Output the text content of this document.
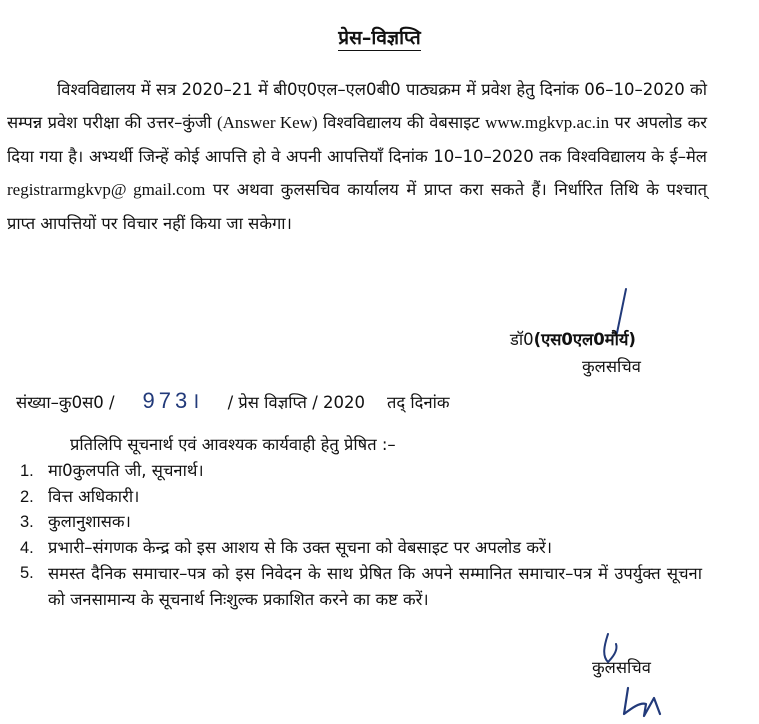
प्रेस–विज्ञप्ति
विश्वविद्यालय में सत्र 2020–21 में बी0ए0एल–एल0बी0 पाठ्यक्रम में प्रवेश हेतु दिनांक 06–10–2020 को सम्पन्न प्रवेश परीक्षा की उत्तर–कुंजी (Answer Kew) विश्वविद्यालय की वेबसाइट www.mgkvp.ac.in पर अपलोड कर दिया गया है। अभ्यर्थी जिन्हें कोई आपत्ति हो वे अपनी आपत्तियाँ दिनांक 10–10–2020 तक विश्वविद्यालय के ई–मेल registrarmgkvp@ gmail.com पर अथवा कुलसचिव कार्यालय में प्राप्त करा सकते हैं। निर्धारित तिथि के पश्चात् प्राप्त आपत्तियों पर विचार नहीं किया जा सकेगा।
डॉ0(एस0एल0मौर्य)
कुलसचिव
संख्या–कु0स0 / 973। / प्रेस विज्ञप्ति / 2020 तद् दिनांक
प्रतिलिपि सूचनार्थ एवं आवश्यक कार्यवाही हेतु प्रेषित :–
1. मा0कुलपति जी, सूचनार्थ।
2. वित्त अधिकारी।
3. कुलानुशासक।
4. प्रभारी–संगणक केन्द्र को इस आशय से कि उक्त सूचना को वेबसाइट पर अपलोड करें।
5. समस्त दैनिक समाचार–पत्र को इस निवेदन के साथ प्रेषित कि अपने सम्मानित समाचार–पत्र में उपर्युक्त सूचना को जनसामान्य के सूचनार्थ निःशुल्क प्रकाशित करने का कष्ट करें।
कुलसचिव
